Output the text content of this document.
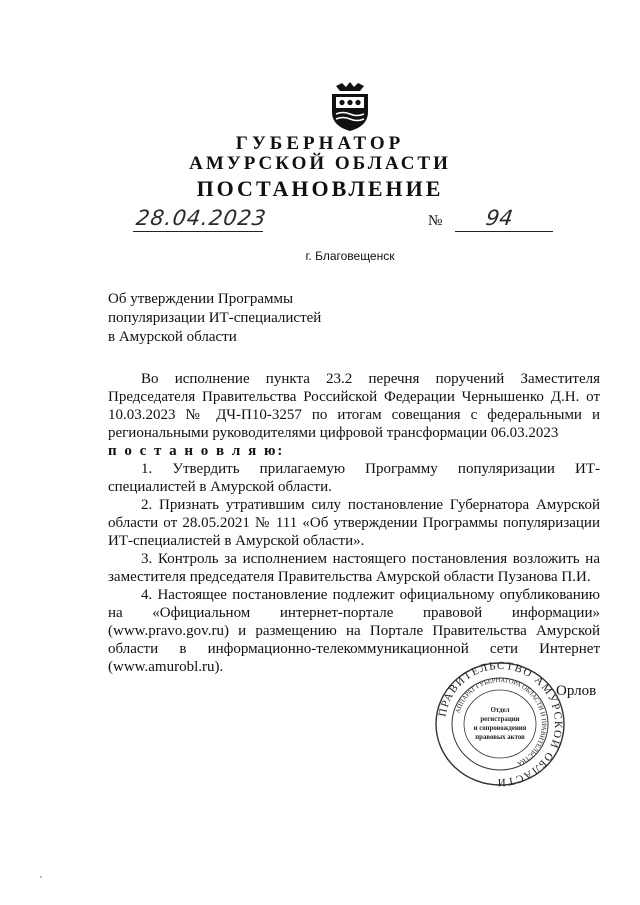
ГУБЕРНАТОР
АМУРСКОЙ ОБЛАСТИ
ПОСТАНОВЛЕНИЕ
28.04.2023	№ 94
г. Благовещенск
Об утверждении Программы
популяризации ИТ-специалистей
в Амурской области

Во исполнение пункта 23.2 перечня поручений Заместителя Председателя Правительства Российской Федерации Чернышенко Д.Н. от 10.03.2023 № ДЧ-П10-3257 по итогам совещания с федеральными и региональными руководителями цифровой трансформации 06.03.2023

п о с т а н о в л я ю:

1. Утвердить прилагаемую Программу популяризации ИТ-специалистей в Амурской области.

2. Признать утратившим силу постановление Губернатора Амурской области от 28.05.2021 № 111 «Об утверждении Программы популяризации ИТ-специалистей в Амурской области».

3. Контроль за исполнением настоящего постановления возложить на заместителя председателя Правительства Амурской области Пузанова П.И.

4. Настоящее постановление подлежит официальному опубликованию на «Официальном интернет-портале правовой информации» (www.pravo.gov.ru) и размещению на Портале Правительства Амурской области в информационно-телекоммуникационной сети Интернет (www.amurobl.ru).

ПРАВИТЕЛЬСТВО АМУРСКОЙ ОБЛАСТИ
АППАРАТ ГУБЕРНАТОРА ОБЛАСТИ И ПРАВИТЕЛЬСТВА
Отдел
регистрации
и сопровождения
правовых актов
Орлов
